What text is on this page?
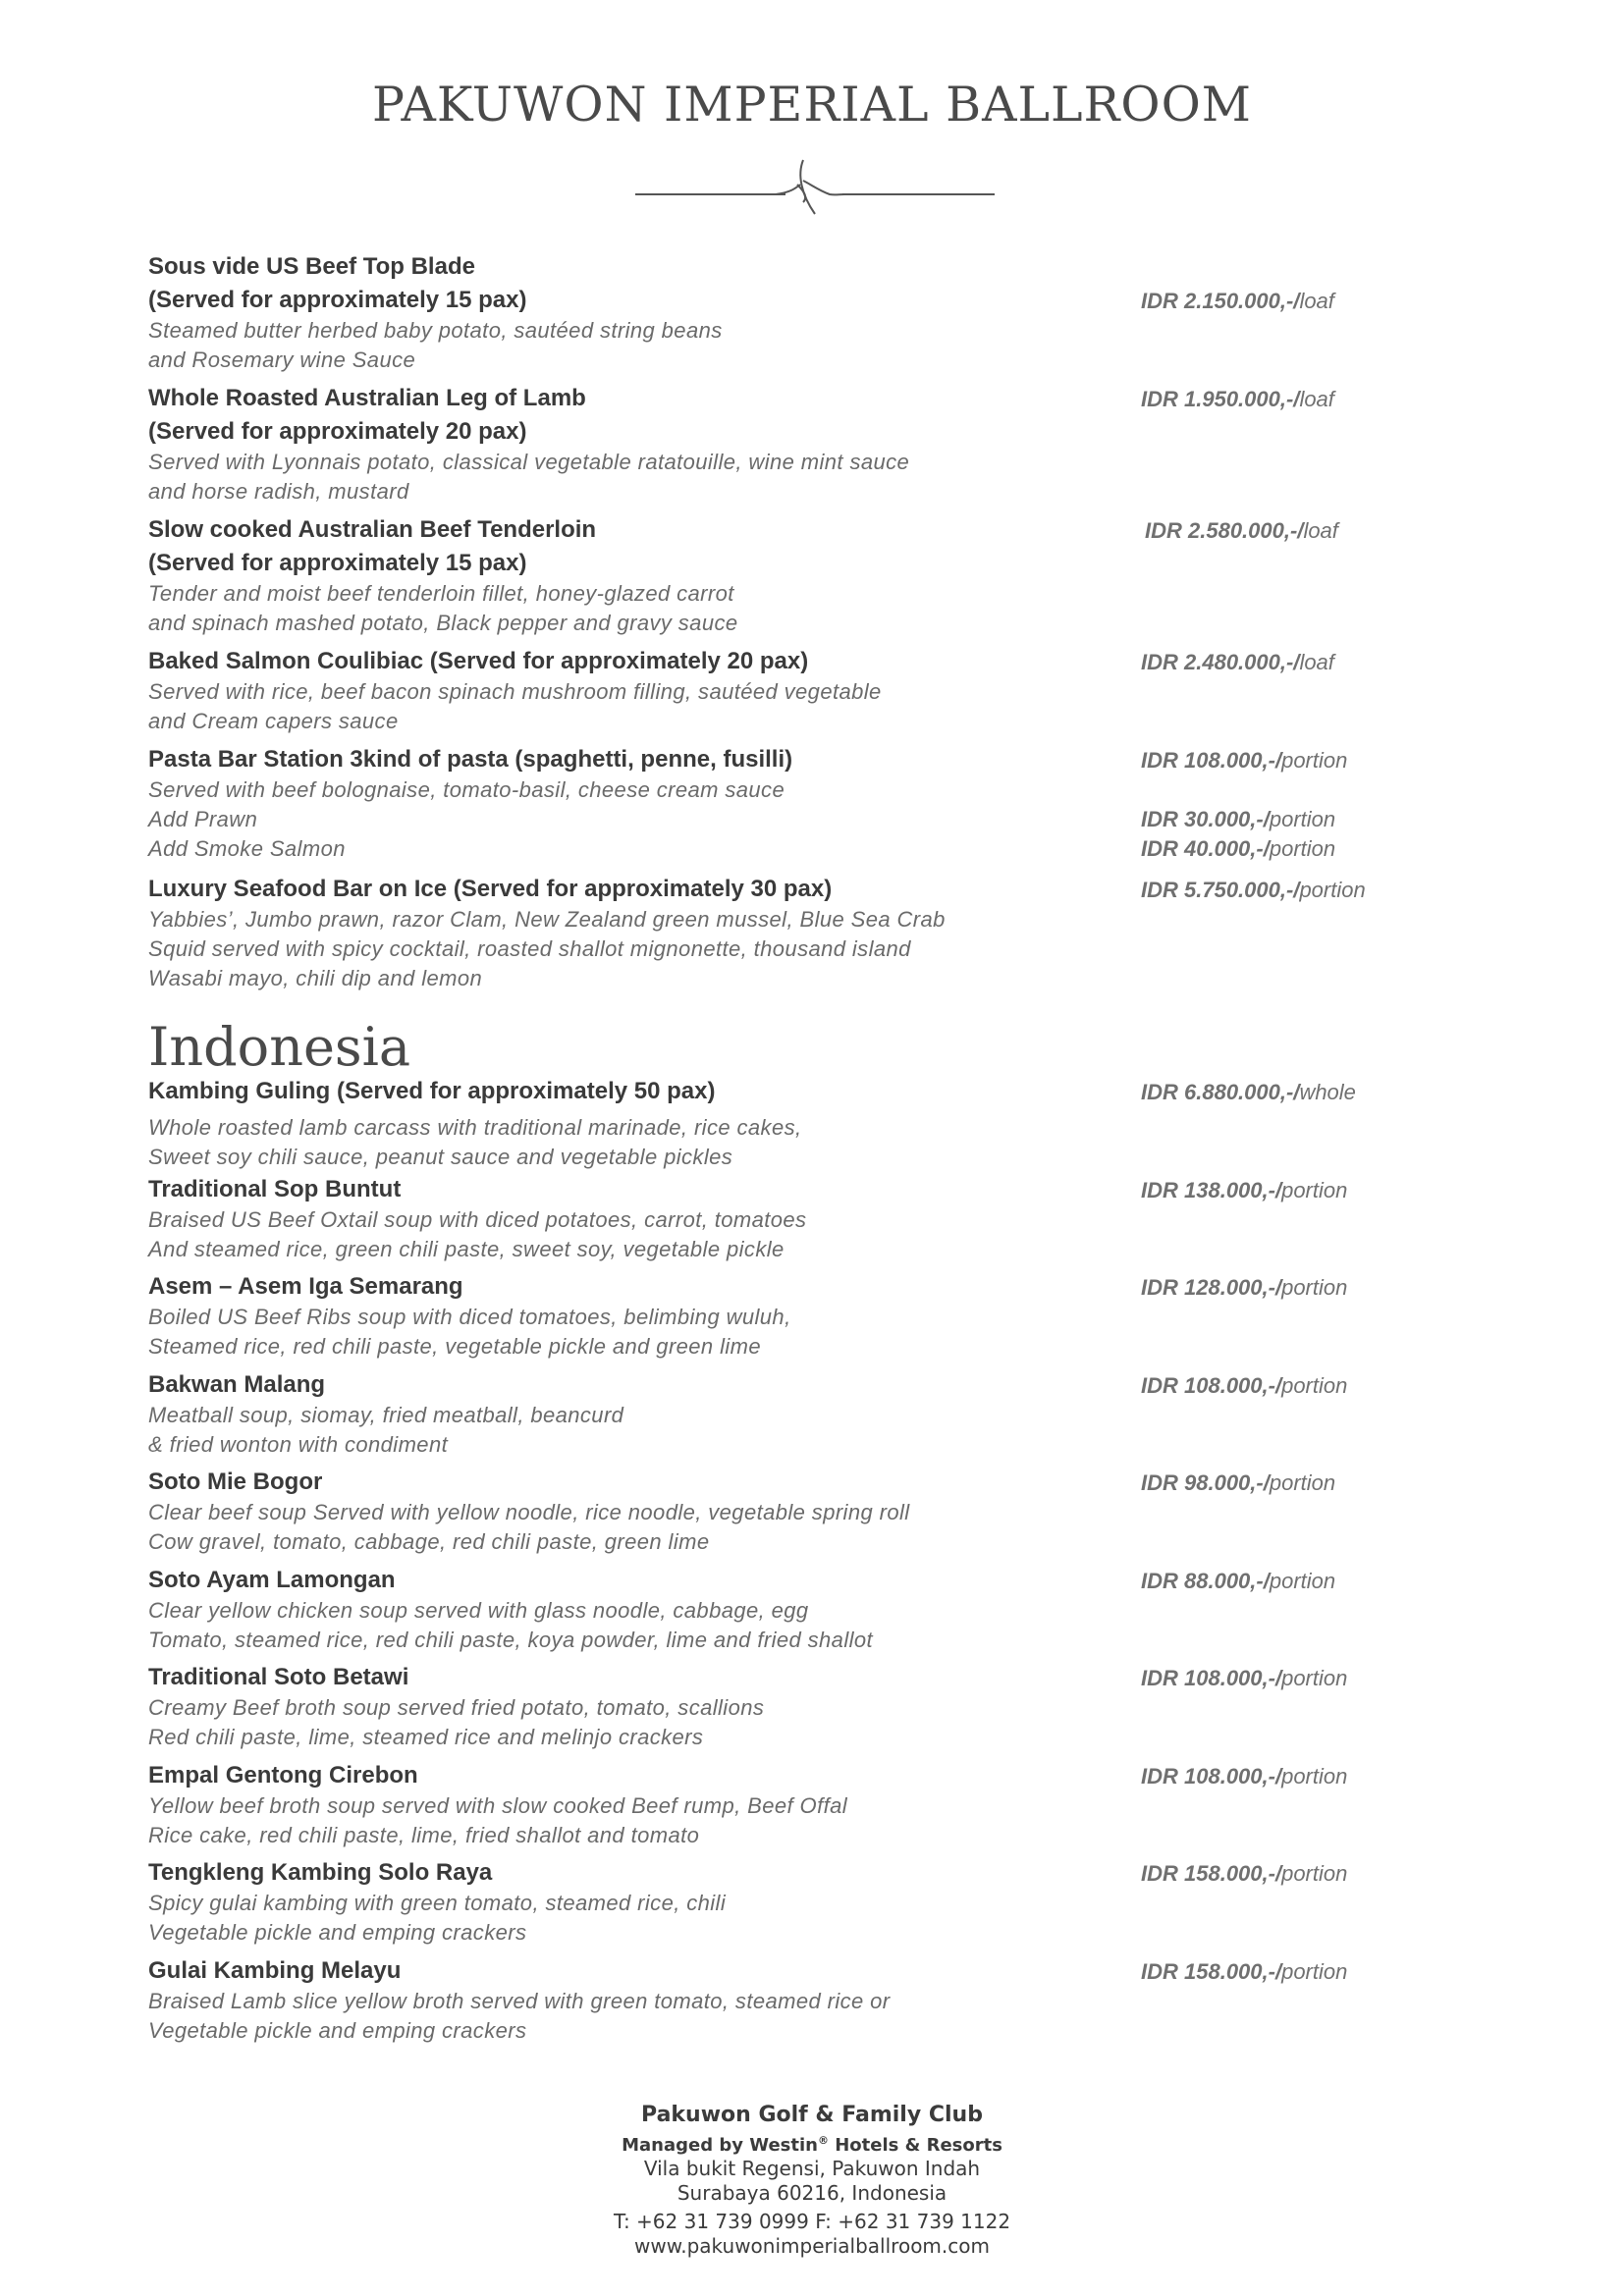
PAKUWON IMPERIAL BALLROOM
Sous vide US Beef Top Blade
(Served for approximately 15 pax)
Steamed butter herbed baby potato, sautéed string beans
and Rosemary wine Sauce
IDR 2.150.000,-/loaf
Whole Roasted Australian Leg of Lamb
(Served for approximately 20 pax)
Served with Lyonnais potato, classical vegetable ratatouille, wine mint sauce
and horse radish, mustard
IDR 1.950.000,-/loaf
Slow cooked Australian Beef Tenderloin
(Served for approximately 15 pax)
Tender and moist beef tenderloin fillet, honey-glazed carrot
and spinach mashed potato, Black pepper and gravy sauce
IDR 2.580.000,-/loaf
Baked Salmon Coulibiac (Served for approximately 20 pax)
Served with rice, beef bacon spinach mushroom filling, sautéed vegetable
and Cream capers sauce
IDR 2.480.000,-/loaf
Pasta Bar Station 3kind of pasta (spaghetti, penne, fusilli)
Served with beef bolognaise, tomato-basil, cheese cream sauce
Add Prawn
Add Smoke Salmon
IDR 108.000,-/portion
IDR 30.000,-/portion
IDR 40.000,-/portion
Luxury Seafood Bar on Ice (Served for approximately 30 pax)
Yabbies’, Jumbo prawn, razor Clam, New Zealand green mussel, Blue Sea Crab
Squid served with spicy cocktail, roasted shallot mignonette, thousand island
Wasabi mayo, chili dip and lemon
IDR 5.750.000,-/portion
Indonesia
Kambing Guling (Served for approximately 50 pax)
Whole roasted lamb carcass with traditional marinade, rice cakes,
Sweet soy chili sauce, peanut sauce and vegetable pickles
IDR 6.880.000,-/whole
Traditional Sop Buntut
Braised US Beef Oxtail soup with diced potatoes, carrot, tomatoes
And steamed rice, green chili paste, sweet soy, vegetable pickle
IDR 138.000,-/portion
Asem – Asem Iga Semarang
Boiled US Beef Ribs soup with diced tomatoes, belimbing wuluh,
Steamed rice, red chili paste, vegetable pickle and green lime
IDR 128.000,-/portion
Bakwan Malang
Meatball soup, siomay, fried meatball, beancurd
& fried wonton with condiment
IDR 108.000,-/portion
Soto Mie Bogor
Clear beef soup Served with yellow noodle, rice noodle, vegetable spring roll
Cow gravel, tomato, cabbage, red chili paste, green lime
IDR 98.000,-/portion
Soto Ayam Lamongan
Clear yellow chicken soup served with glass noodle, cabbage, egg
Tomato, steamed rice, red chili paste, koya powder, lime and fried shallot
IDR 88.000,-/portion
Traditional Soto Betawi
Creamy Beef broth soup served fried potato, tomato, scallions
Red chili paste, lime, steamed rice and melinjo crackers
IDR 108.000,-/portion
Empal Gentong Cirebon
Yellow beef broth soup served with slow cooked Beef rump, Beef Offal
Rice cake, red chili paste, lime, fried shallot and tomato
IDR 108.000,-/portion
Tengkleng Kambing Solo Raya
Spicy gulai kambing with green tomato, steamed rice, chili
Vegetable pickle and emping crackers
IDR 158.000,-/portion
Gulai Kambing Melayu
Braised Lamb slice yellow broth served with green tomato, steamed rice or
Vegetable pickle and emping crackers
IDR 158.000,-/portion
Pakuwon Golf & Family Club
Managed by Westin® Hotels & Resorts
Vila bukit Regensi, Pakuwon Indah
Surabaya 60216, Indonesia
T: +62 31 739 0999 F: +62 31 739 1122
www.pakuwonimperialballroom.com
